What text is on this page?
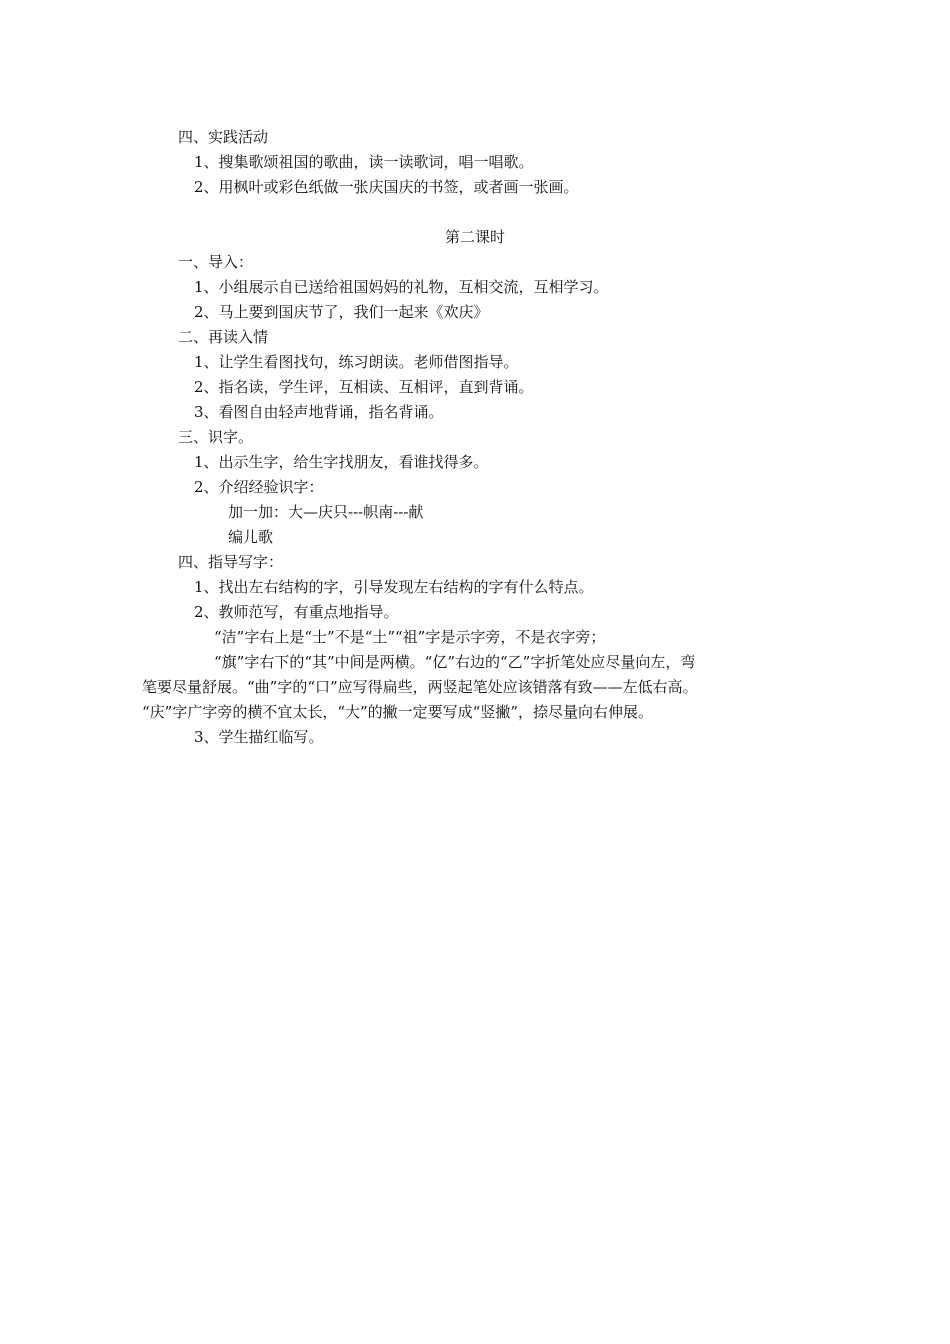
四、实践活动
1、搜集歌颂祖国的歌曲，读一读歌词，唱一唱歌。
2、用枫叶或彩色纸做一张庆国庆的书签，或者画一张画。
第二课时
一、导入：
1、小组展示自已送给祖国妈妈的礼物，互相交流，互相学习。
2、马上要到国庆节了，我们一起来《欢庆》
二、再读入情
1、让学生看图找句，练习朗读。老师借图指导。
2、指名读，学生评，互相读、互相评，直到背诵。
3、看图自由轻声地背诵，指名背诵。
三、识字。
1、出示生字，给生字找朋友，看谁找得多。
2、介绍经验识字：
加一加：大—庆只---帜南---献
编儿歌
四、指导写字：
1、找出左右结构的字，引导发现左右结构的字有什么特点。
2、教师范写，有重点地指导。
“洁”字右上是“士”不是“土”“祖”字是示字旁，不是衣字旁；
“旗”字右下的“其”中间是两横。“亿”右边的“乙”字折笔处应尽量向左，弯
笔要尽量舒展。“曲”字的“口”应写得扁些，两竖起笔处应该错落有致——左低右高。
“庆”字广字旁的横不宜太长，“大”的撇一定要写成“竖撇”，捺尽量向右伸展。
3、学生描红临写。
